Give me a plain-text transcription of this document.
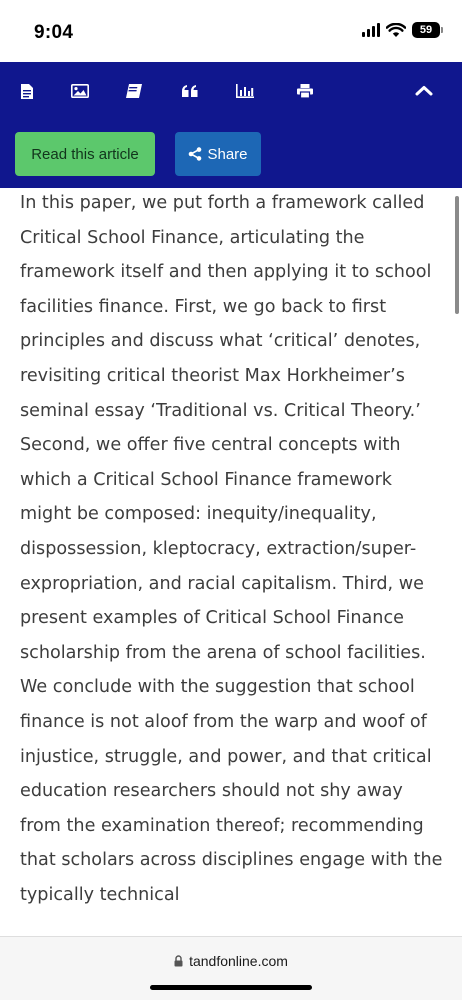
9:04	59
Read this article	Share

In this paper, we put forth a framework called Critical School Finance, articulating the framework itself and then applying it to school facilities finance. First, we go back to first principles and discuss what ‘critical’ denotes, revisiting critical theorist Max Horkheimer’s seminal essay ‘Traditional vs. Critical Theory.’ Second, we offer five central concepts with which a Critical School Finance framework might be composed: inequity/inequality, dispossession, kleptocracy, extraction/super-expropriation, and racial capitalism. Third, we present examples of Critical School Finance scholarship from the arena of school facilities. We conclude with the suggestion that school finance is not aloof from the warp and woof of injustice, struggle, and power, and that critical education researchers should not shy away from the examination thereof; recommending that scholars across disciplines engage with the typically technical

tandfonline.com
